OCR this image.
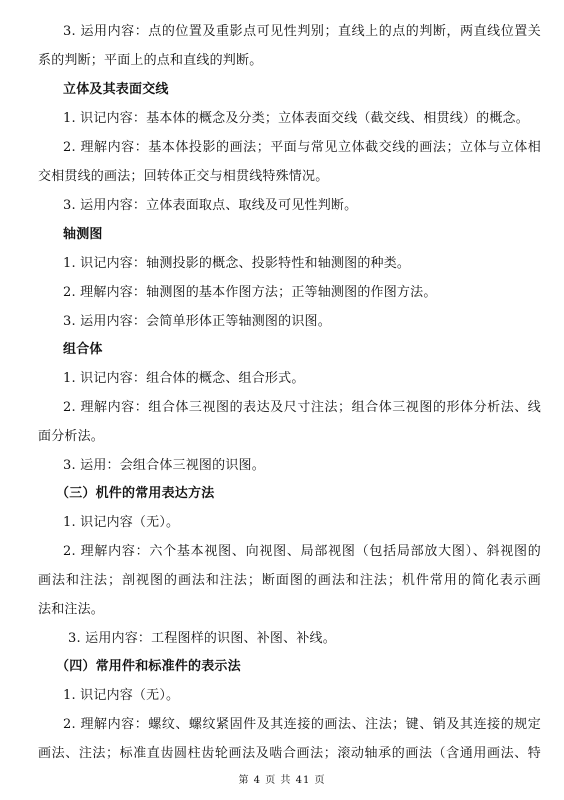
3. 运用内容：点的位置及重影点可见性判别；直线上的点的判断，两直线位置关
系的判断；平面上的点和直线的判断。
立体及其表面交线
1. 识记内容：基本体的概念及分类；立体表面交线（截交线、相贯线）的概念。
2. 理解内容：基本体投影的画法；平面与常见立体截交线的画法；立体与立体相
交相贯线的画法；回转体正交与相贯线特殊情况。
3. 运用内容：立体表面取点、取线及可见性判断。
轴测图
1. 识记内容：轴测投影的概念、投影特性和轴测图的种类。
2. 理解内容：轴测图的基本作图方法；正等轴测图的作图方法。
3. 运用内容：会简单形体正等轴测图的识图。
组合体
1. 识记内容：组合体的概念、组合形式。
2. 理解内容：组合体三视图的表达及尺寸注法；组合体三视图的形体分析法、线
面分析法。
3. 运用：会组合体三视图的识图。
（三）机件的常用表达方法
1. 识记内容（无）。
2. 理解内容：六个基本视图、向视图、局部视图（包括局部放大图）、斜视图的
画法和注法；剖视图的画法和注法；断面图的画法和注法；机件常用的简化表示画
法和注法。
3. 运用内容：工程图样的识图、补图、补线。
（四）常用件和标准件的表示法
1. 识记内容（无）。
2. 理解内容：螺纹、螺纹紧固件及其连接的画法、注法；键、销及其连接的规定
画法、注法；标准直齿圆柱齿轮画法及啮合画法；滚动轴承的画法（含通用画法、特
第 4 页 共 41 页
